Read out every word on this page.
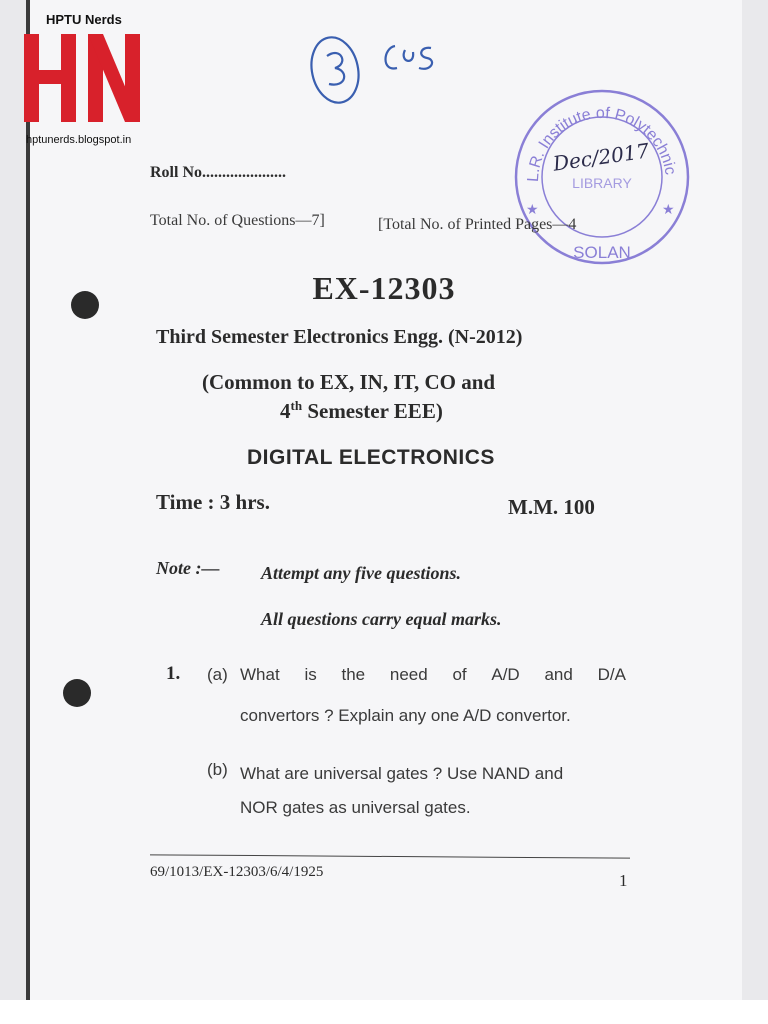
HPTU Nerds
hptunerds.blogspot.in
L.R. Institute of Polytechnic
LIBRARY
SOLAN
★	★
Dec/2017
Roll No.....................
Total No. of Questions—7]	[Total No. of Printed Pages—4
EX-12303
Third Semester Electronics Engg. (N-2012)
(Common to EX, IN, IT, CO and
4th Semester EEE)
DIGITAL ELECTRONICS
Time : 3 hrs.	M.M. 100
Note :— Attempt any five questions.
All questions carry equal marks.
1. (a) What is the need of A/D and D/A
convertors ? Explain any one A/D convertor.
(b) What are universal gates ? Use NAND and
NOR gates as universal gates.
69/1013/EX-12303/6/4/1925	1
